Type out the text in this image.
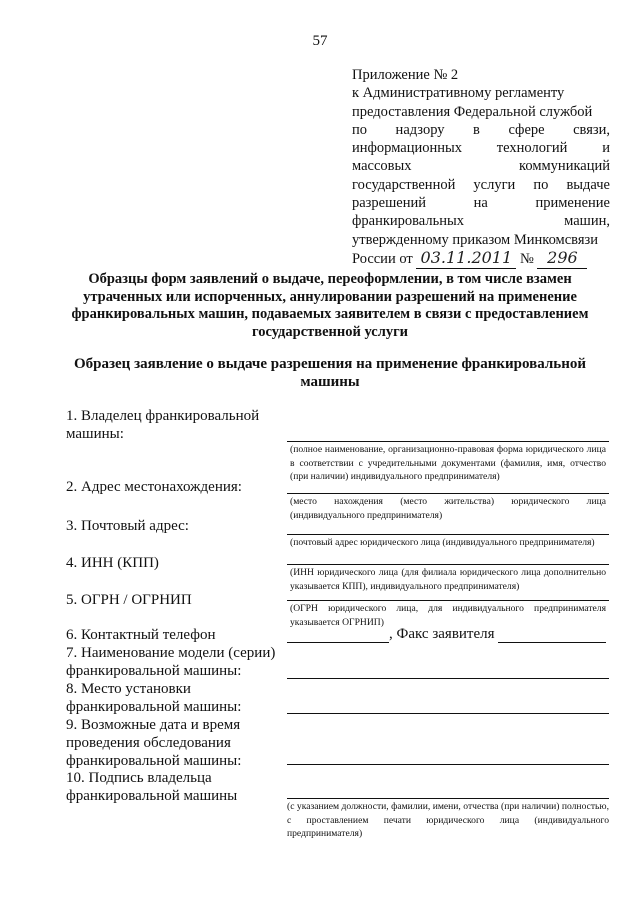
57
Приложение № 2
к Административному регламенту
предоставления Федеральной службой
по надзору в сфере связи,
информационных технологий и
массовых коммуникаций
государственной услуги по выдаче
разрешений на применение
франкировальных машин,
утвержденному приказом Минкомсвязи
России от 03.11.2011 № 296
Образцы форм заявлений о выдаче, переоформлении, в том числе взамен утраченных или испорченных, аннулировании разрешений на применение франкировальных машин, подаваемых заявителем в связи с предоставлением государственной услуги
Образец заявление о выдаче разрешения на применение франкировальной машины
1. Владелец франкировальной машины:
(полное наименование, организационно-правовая форма юридического лица в соответствии с учредительными документами (фамилия, имя, отчество (при наличии) индивидуального предпринимателя)
2. Адрес местонахождения:
(место нахождения (место жительства) юридического лица (индивидуального предпринимателя)
3. Почтовый адрес:
(почтовый адрес юридического лица (индивидуального предпринимателя)
4. ИНН (КПП)
(ИНН юридического лица (для филиала юридического лица дополнительно указывается КПП), индивидуального предпринимателя)
5. ОГРН / ОГРНИП
(ОГРН юридического лица, для индивидуального предпринимателя указывается ОГРНИП)
6. Контактный телефон	, Факс заявителя
7. Наименование модели (серии)
франкировальной машины:
8. Место установки
франкировальной машины:
9. Возможные дата и время
проведения обследования
франкировальной машины:
10. Подпись владельца
франкировальной машины
(с указанием должности, фамилии, имени, отчества (при наличии) полностью, с проставлением печати юридического лица (индивидуального предпринимателя)
